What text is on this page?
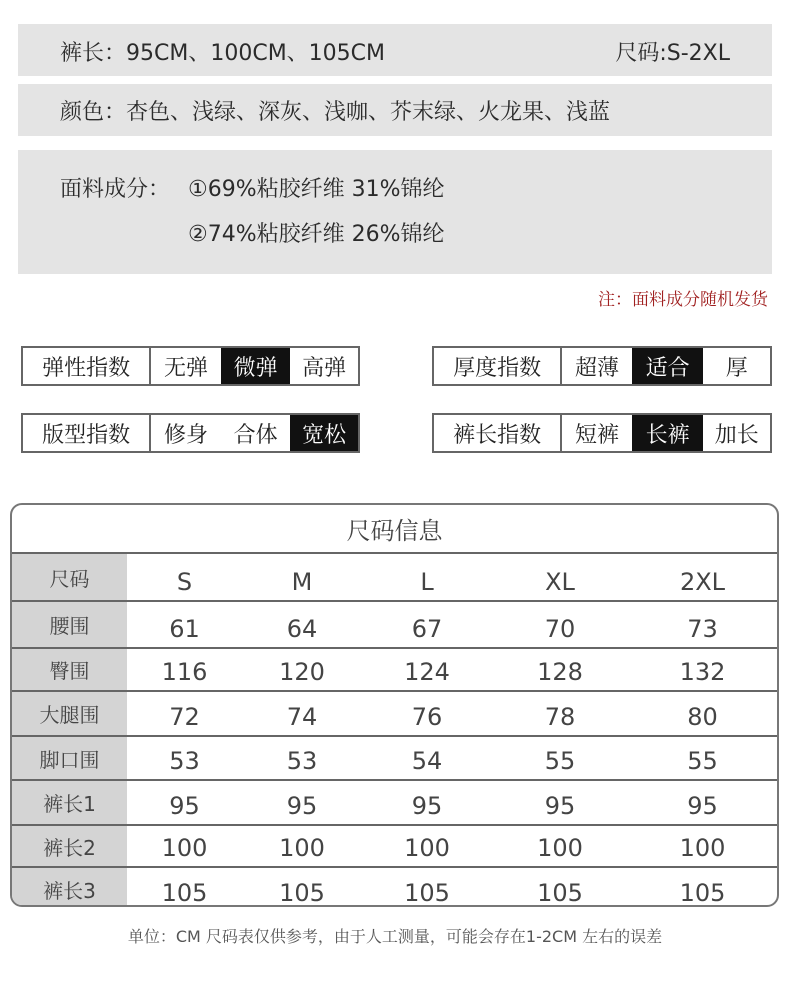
裤长：95CM、100CM、105CM	尺码:S-2XL
颜色：杏色、浅绿、深灰、浅咖、芥末绿、火龙果、浅蓝
面料成分： ①69%粘胶纤维 31%锦纶
②74%粘胶纤维 26%锦纶
注：面料成分随机发货
弹性指数	无弹	微弹	高弹	厚度指数	超薄	适合	厚
版型指数	修身	合体	宽松	裤长指数	短裤	长裤	加长
尺码信息
尺码	S	M	L	XL	2XL
腰围	61	64	67	70	73
臀围	116	120	124	128	132
大腿围	72	74	76	78	80
脚口围	53	53	54	55	55
裤长1	95	95	95	95	95
裤长2	100	100	100	100	100
裤长3	105	105	105	105	105
单位：CM 尺码表仅供参考，由于人工测量，可能会存在1-2CM 左右的误差
